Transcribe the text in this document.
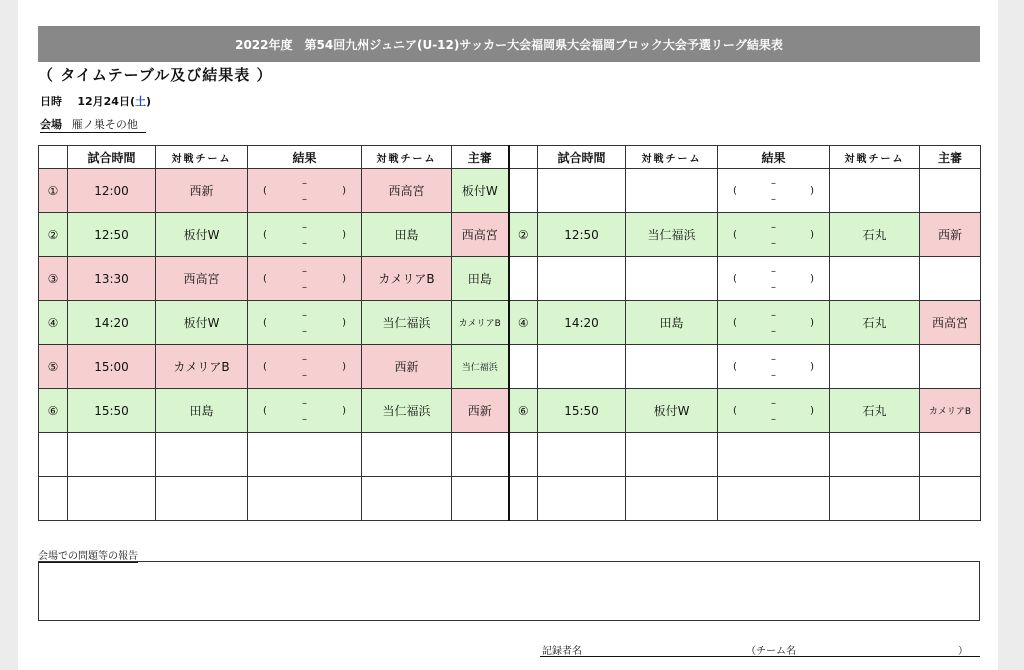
2022年度　第54回九州ジュニア(U-12)サッカー大会福岡県大会福岡ブロック大会予選リーグ結果表
（ タイムテーブル及び結果表 ）
日時 12月24日(土)
会場 雁ノ巣その他
	試合時間	対戦チーム	結果	対戦チーム	主審		試合時間	対戦チーム	結果	対戦チーム	主審
①	12:00	西新	(
–
–
)	西高宮	板付W				(
–
–
)		

②	12:50	板付W	(
–
–
)	田島	西高宮	②	12:50	当仁福浜	(
–
–
)	石丸	西新
③	13:30	西高宮	(
–
–
)	カメリアB	田島				(
–
–
)		

④	14:20	板付W	(
–
–
)	当仁福浜	カメリアB	④	14:20	田島	(
–
–
)	石丸	西高宮
⑤	15:00	カメリアB	(
–
–
)	西新	当仁福浜				(
–
–
)		

⑥	15:50	田島	(
–
–
)	当仁福浜	西新	⑥	15:50	板付W	(
–
–
)	石丸	カメリアB

会場での問題等の報告
記録者名	（チーム名	）
